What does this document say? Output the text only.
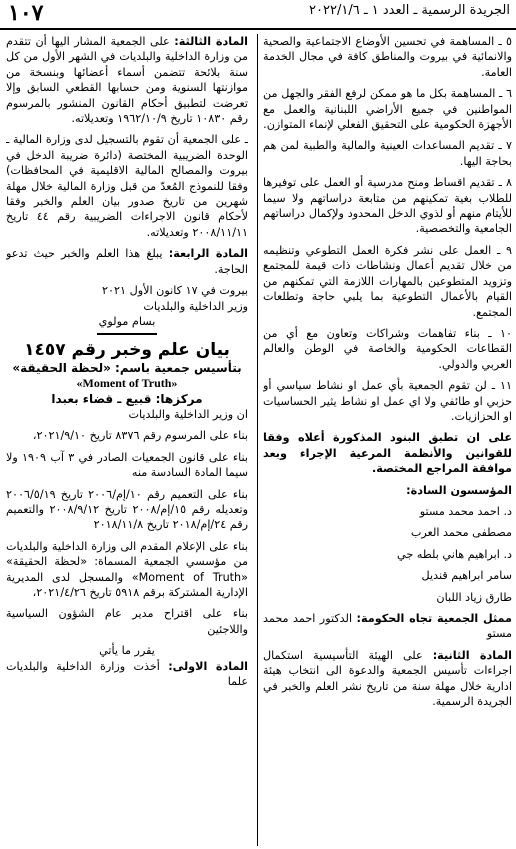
الجريدة الرسمية ـ العدد ١ ـ ٢٠٢٢/١/٦
١٠٧

٥ ـ المساهمة في تحسين الأوضاع الاجتماعية والصحية والانمائية في بيروت والمناطق كافة في مجال الخدمة العامة.

٦ ـ المساهمة بكل ما هو ممكن لرفع الفقر والجهل من المواطنين في جميع الأراضي اللبنانية والعمل مع الأجهزة الحكومية على التحقيق الفعلي لإنماء المتوازن.

٧ ـ تقديم المساعدات العينية والمالية والطبية لمن هم بحاجة اليها.

٨ ـ تقديم اقساط ومنح مدرسية أو العمل على توفيرها للطلاب بغية تمكينهم من متابعة دراساتهم ولا سيما للأيتام منهم أو لذوي الدخل المحدود ولإكمال دراساتهم الجامعية والتخصصية.

٩ ـ العمل على نشر فكرة العمل التطوعي وتنظيمه من خلال تقديم أعمال ونشاطات ذات قيمة للمجتمع وتزويد المتطوعين بالمهارات اللازمة التي تمكنهم من القيام بالأعمال التطوعية بما يلبي حاجة وتطلعات المجتمع.

١٠ ـ بناء تفاهمات وشراكات وتعاون مع أي من القطاعات الحكومية والخاصة في الوطن والعالم العربي والدولي.

١١ ـ لن تقوم الجمعية بأي عمل او نشاط سياسي أو حزبي او طائفي ولا اي عمل او نشاط يثير الحساسيات او الحزازيات.

على ان تطبق البنود المذكورة أعلاه وفقا للقوانين والأنظمة المرعية الإجراء وبعد موافقة المراجع المختصة.

المؤسسون السادة:

د. احمد محمد مستو
مصطفى محمد العرب
د. ابراهيم هاني بلطه جي
سامر ابراهيم قنديل
طارق زياد اللبان

ممثل الجمعية تجاه الحكومة: الدكتور احمد محمد مستو

المادة الثانية: على الهيئة التأسيسية استكمال اجراءات تأسيس الجمعية والدعوة الى انتخاب هيئة ادارية خلال مهلة سنة من تاريخ نشر العلم والخبر في الجريدة الرسمية.

المادة الثالثة: على الجمعية المشار اليها أن تتقدم من وزارة الداخلية والبلديات في الشهر الأول من كل سنة بلائحة تتضمن أسماء أعضائها وبنسخة من موازنتها السنوية ومن حسابها القطعي السابق وإلا تعرضت لتطبيق أحكام القانون المنشور بالمرسوم رقم ١٠٨٣٠ تاريخ ١٩٦٢/١٠/٩ وتعديلاته.

ـ على الجمعية أن تقوم بالتسجيل لدى وزارة المالية ـ الوحدة الضريبية المختصة (دائرة ضريبة الدخل في بيروت والمصالح المالية الاقليمية في المحافظات) وفقا للنموذج المُعدّ من قبل وزارة المالية خلال مهلة شهرين من تاريخ صدور بيان العلم والخبر وفقا لأحكام قانون الاجراءات الضريبية رقم ٤٤ تاريخ ٢٠٠٨/١١/١١ وتعديلاته.

المادة الرابعة: يبلغ هذا العلم والخبر حيث تدعو الحاجة.

بيروت في ١٧ كانون الأول ٢٠٢١
وزير الداخلية والبلديات
بسام مولوي
بيان علم وخبر رقم ١٤٥٧
بتأسيس جمعية باسم: «لحظة الحقيقة»
«Moment of Truth»
مركزها: قبيع ـ قضاء بعبدا

ان وزير الداخلية والبلديات

بناء على المرسوم رقم ٨٣٧٦ تاريخ ٢٠٢١/٩/١٠،

بناء على قانون الجمعيات الصادر في ٣ آب ١٩٠٩ ولا سيما المادة السادسة منه

بناء على التعميم رقم ١٠/إم/٢٠٠٦ تاريخ ٢٠٠٦/٥/١٩ وتعديله رقم ١٥/إم/٢٠٠٨ تاريخ ٢٠٠٨/٩/١٢ والتعميم رقم ٢٤/إم/٢٠١٨ تاريخ ٢٠١٨/١١/٨

بناء على الإعلام المقدم الى وزارة الداخلية والبلديات من مؤسسي الجمعية المسماة: «لحظة الحقيقة» «Moment of Truth» والمسجل لدى المديرية الإدارية المشتركة برقم ٥٩١٨ تاريخ ٢٠٢١/٤/٢٦،

بناء على اقتراح مدير عام الشؤون السياسية واللاجئين

يقرر ما يأتي

المادة الاولى: أخذت وزارة الداخلية والبلديات علما
